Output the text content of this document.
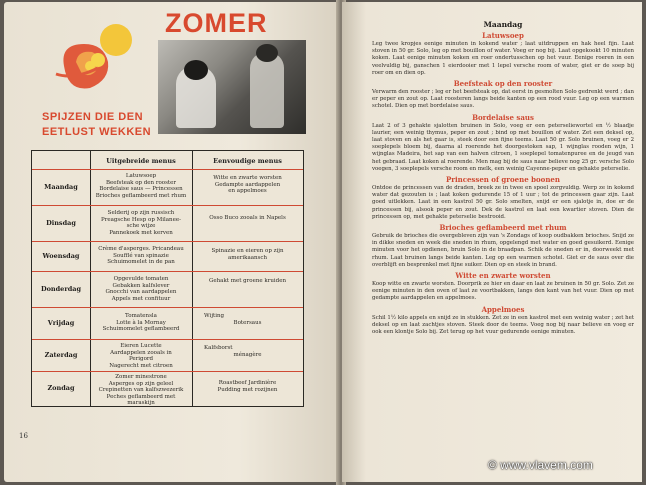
ZOMER
SPIJZEN DIE DEN
EETLUST WEKKEN
Uitgebreide menus	Eenvoudige menus
Maandag
Latuwsoep
Beefsteak op den rooster
Bordelaise saus — Princessen
Brioches geflambeerd met rhum
Witte en zwarte worsten
Gedampte aardappelen
en appelmoes
Dinsdag
Selderij op zijn russisch
Preagsche Hesp op Milanee-
sche wijze
Pannekoek met kerven
Osso Buco zooals in Napels
Woensdag
Crème d'asperges. Pricandeau
Soufflé van spinazie
Schuimomelet in de pan
Spinazie en eieren op zijn
amerikaansch
Donderdag
Opgevulde tomaten
Gebakken kalfslever
Gnocchi van aardappelen
Appels met confituur
Gehakt met groene kruiden
Vrijdag
Tomatensla
Lotte à la Mornay
Schuimomelet geflambeerd
Wijting
Botersaus
Zaterdag
Eieren Lucette
Aardappelen zooals in
Perigord
Nagerecht met citroen
Kalfsborst
ménagère
Zondag
Zomer minestrone
Asperges op zijn geleel
Crepinetten van kalfszwezerik
Peches geflambeerd met
maraskijn
Roastbeef Jardinière
Pudding met rozijnen
16
Maandag
Latuwsoep
Leg twee kropjes eenige minuten in kokend water ; laat uitdruppen en hak heel fijn. Laat stoven in 50 gr. Solo, leg op met bouillon of water. Voeg er nog bij. Laat opgekookt 10 minuten koken. Laat eenige minuten koken en roer ondertusschen op het vuur. Eenige roeren in een veelvuldig bij, ganschen 1 eierdooier met 1 lepel versche room of water, giet er de soep bij roer om en dien op.
Beefsteak op den rooster
Verwarm den rooster ; leg er het beefsteak op, dat eerst in gesmolten Solo gedrenkt werd ; dan er peper en zout op. Laat roosteren langs beide kanten op een rood vuur. Leg op een warmen schotel. Dien op met bordelaise saus.
Bordelaise saus
Laat 2 of 3 gehakte sjalotten bruinen in Solo, voeg er een peterseliewortel en ½ blaadje laurier, een weinig thymus, peper en zout ; bind op met bouillon of water. Zet een deksel op, laat stoven en als het gaar is, steek door een fijne teems. Laat 50 gr. Solo bruinen, voeg er 2 soeplepels bloem bij, daarna al roerende het doorgestoken sap, 1 wijnglas rooden wijn, 1 wijnglas Madeira, het sap van een halven citroen, 1 soeplepel tomatenpuree en de jeugd van het gebraad. Laat koken al roerende. Men mag bij de saus naar believe nog 25 gr. versche Solo voegen, 3 soeplepels versche room en melk, een weinig Cayenne-peper en gehakte peterselie.
Princessen of groene boonen
Ontdoe de princessen van de draden, breek ze in twee en spoel zorgvuldig. Werp ze in kokend water dat gezouten is ; laat koken gedurende 15 of 1 uur ; tot de princessen gaar zijn. Laat goed uitlekken. Laat in een kastrol 50 gr. Solo smelten, snijd er een sjalotje in, doe er de princessen bij, alsook peper en zout. Dek de kastrol en laat een kwartier stoven. Dien de princessen op, met gehakte peterselie bestrooid.
Brioches geflambeerd met rhum
Gebruik de brioches die overgebleven zijn van 's Zondags of koop oudbakken brioches. Snijd ze in dikke sneden en week die sneden in rhum, opgelengd met water en goed gesuikerd. Eenige minuten voor het opdienen, bruin Solo in de braadpan. Schik de sneden er in, doorweekt met rhum. Laat bruinen langs beide kanten. Leg op een warmen schotel. Giet er de saus over die overblijft en besprenkel met fijne suiker. Dien op en steek in brand.
Witte en zwarte worsten
Koop witte en zwarte worsten. Doorprik ze hier en daar en laat ze bruinen in 50 gr. Solo. Zet ze eenige minuten in den oven of laat ze voortbakken, langs den kant van het vuur. Dien op met gedampte aardappelen en appelmoes.
Appelmoes
Schil 1½ kilo appels en snijd ze in stukken. Zet ze in een kastrol met een weinig water ; zet het deksel op en laat zachtjes stoven. Steek door de teems. Voeg nog bij naar believe en voeg er ook een klontje Solo bij. Zet terug op het vuur gedurende eenige minuten.
© www.vlavem.com
